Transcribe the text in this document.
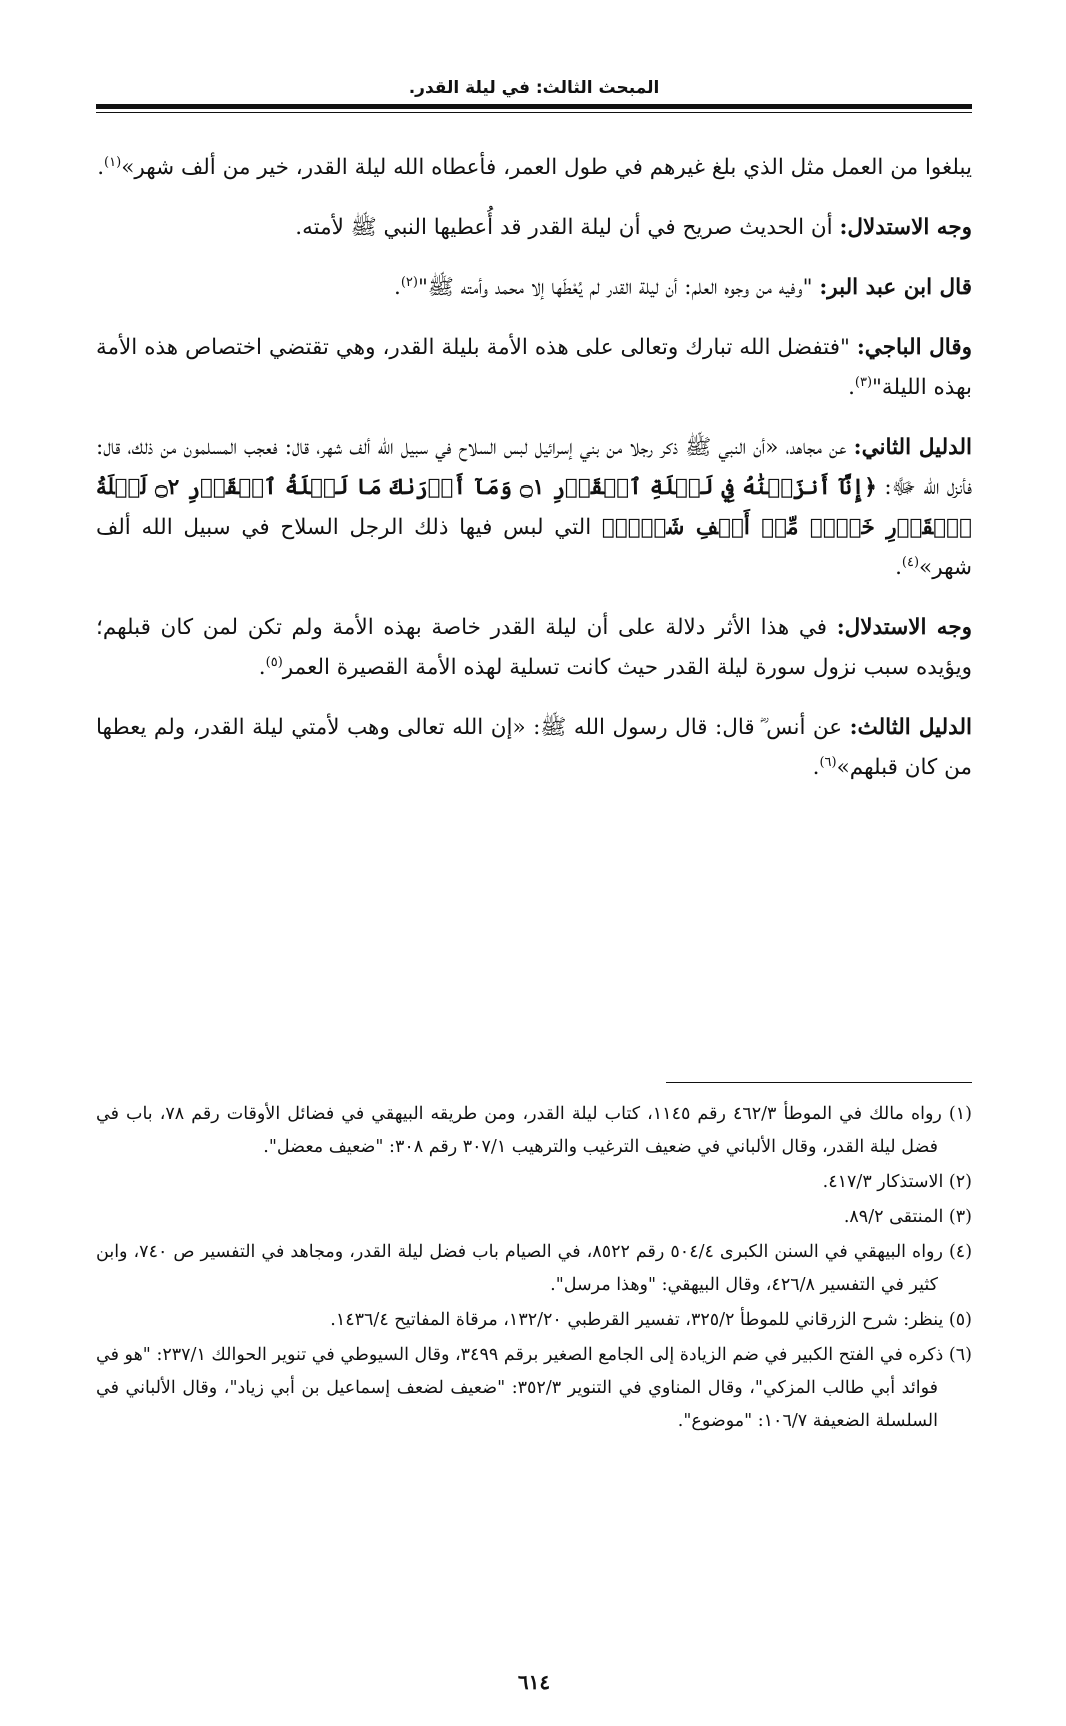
المبحث الثالث: في ليلة القدر.

يبلغوا من العمل مثل الذي بلغ غيرهم في طول العمر، فأعطاه الله ليلة القدر، خير من ألف شهر»$^{(١)}$.

وجه الاستدلال: أن الحديث صريح في أن ليلة القدر قد أُعطيها النبي ﷺ لأمته.

قال ابن عبد البر: "وفيه من وجوه العلم: أن ليلة القدر لم يُعْطَها إلا محمد وأمته ﷺ"$^{(٢)}$.

وقال الباجي: "فتفضل الله تبارك وتعالى على هذه الأمة بليلة القدر، وهي تقتضي اختصاص هذه الأمة بهذه الليلة"$^{(٣)}$.

الدليل الثاني: عن مجاهد، «أن النبي ﷺ ذكر رجلا من بني إسرائيل لبس السلاح في سبيل الله ألف شهر، قال: فعجب المسلمون من ذلك، قال: فأنزل الله ﷻ: ﴿إِنَّآ أَنزَلۡنَٰهُ فِي لَيۡلَةِ ٱلۡقَدۡرِ ۝١ وَمَآ أَدۡرَىٰكَ مَا لَيۡلَةُ ٱلۡقَدۡرِ ۝٢ لَيۡلَةُ ٱلۡقَدۡرِ خَيۡرٞ مِّنۡ أَلۡفِ شَهۡرٖ﴾ التي لبس فيها ذلك الرجل السلاح في سبيل الله ألف شهر»$^{(٤)}$.

وجه الاستدلال: في هذا الأثر دلالة على أن ليلة القدر خاصة بهذه الأمة ولم تكن لمن كان قبلهم؛ ويؤيده سبب نزول سورة ليلة القدر حيث كانت تسلية لهذه الأمة القصيرة العمر$^{(٥)}$.

الدليل الثالث: عن أنس ؓ قال: قال رسول الله ﷺ: «إن الله تعالى وهب لأمتي ليلة القدر، ولم يعطها من كان قبلهم»$^{(٦)}$.

(١) رواه مالك في الموطأ ٤٦٢/٣ رقم ١١٤٥، كتاب ليلة القدر، ومن طريقه البيهقي في فضائل الأوقات رقم ٧٨، باب في فضل ليلة القدر، وقال الألباني في ضعيف الترغيب والترهيب ٣٠٧/١ رقم ٣٠٨: "ضعيف معضل".
(٢) الاستذكار ٤١٧/٣.
(٣) المنتقى ٨٩/٢.
(٤) رواه البيهقي في السنن الكبرى ٥٠٤/٤ رقم ٨٥٢٢، في الصيام باب فضل ليلة القدر، ومجاهد في التفسير ص ٧٤٠، وابن كثير في التفسير ٤٢٦/٨، وقال البيهقي: "وهذا مرسل".
(٥) ينظر: شرح الزرقاني للموطأ ٣٢٥/٢، تفسير القرطبي ١٣٢/٢٠، مرقاة المفاتيح ١٤٣٦/٤.
(٦) ذكره في الفتح الكبير في ضم الزيادة إلى الجامع الصغير برقم ٣٤٩٩، وقال السيوطي في تنوير الحوالك ٢٣٧/١: "هو في فوائد أبي طالب المزكي"، وقال المناوي في التنوير ٣٥٢/٣: "ضعيف لضعف إسماعيل بن أبي زياد"، وقال الألباني في السلسلة الضعيفة ١٠٦/٧: "موضوع".
٦١٤
